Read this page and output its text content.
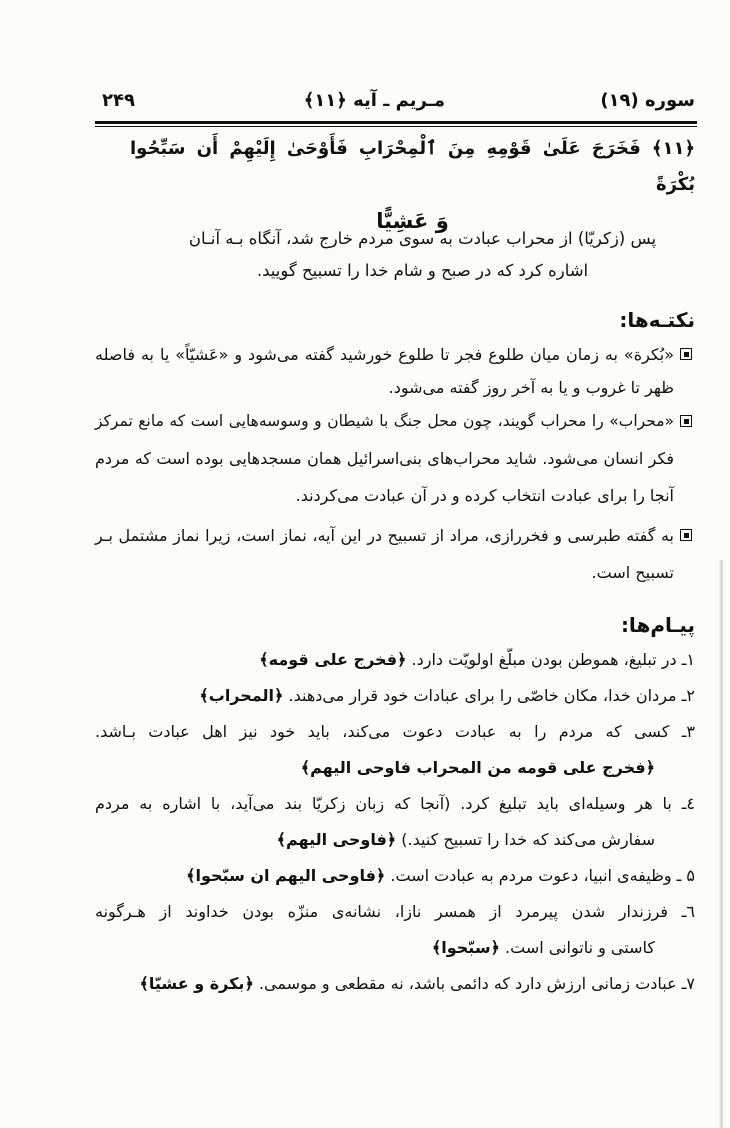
سوره (۱۹)
مـریم ـ آیه ﴿۱۱﴾
۲۴۹
﴿۱۱﴾ فَخَرَجَ عَلَىٰ قَوْمِهِ مِنَ ٱلْمِحْرَابِ فَأَوْحَىٰ إِلَيْهِمْ أَن سَبِّحُوا بُكْرَةً
وَ عَشِيًّا
پس (زکریّا) از محراب عبادت به سوی مردم خارج شد، آنگاه بـه آنـان
اشاره کرد که در صبح و شام خدا را تسبیح گویید.
نکتـه‌ها:
«بُکرة» به زمان میان طلوع فجر تا طلوع خورشید گفته می‌شود و «عَشیّاً» یا به فاصله
ظهر تا غروب و یا به آخر روز گفته می‌شود.
«محراب» را محراب گویند، چون محل جنگ با شیطان و وسوسه‌هایی است که مانع تمرکز
فکر انسان می‌شود. شاید محراب‌های بنی‌اسرائیل همان مسجدهایی بوده است که مردم
آنجا را برای عبادت انتخاب کرده و در آن عبادت می‌کردند.
به گفته طبرسی و فخررازی، مراد از تسبیح در این آیه، نماز است، زیرا نماز مشتمل بـر
تسبیح است.
پیـام‌ها:
۱ـ در تبلیغ، هموطن بودن مبلّغ اولویّت دارد. ﴿فخرج علی قومه﴾
۲ـ مردان خدا، مکان خاصّی را برای عبادات خود قرار می‌دهند. ﴿المحراب﴾
۳ـ کسی که مردم را به عبادت دعوت می‌کند، باید خود نیز اهل عبادت بـاشد.
﴿فخرج علی قومه من المحراب فاوحی الیهم﴾
٤ـ با هر وسیله‌ای باید تبلیغ کرد. (آنجا که زبان زکریّا بند می‌آید، با اشاره به مردم
سفارش می‌کند که خدا را تسبیح کنید.) ﴿فاوحی الیهم﴾
۵ ـ وظیفه‌ی انبیا، دعوت مردم به عبادت است. ﴿فاوحی الیهم ان سبّحوا﴾
٦ـ فرزندار شدن پیرمرد از همسر نازا، نشانه‌ی منزّه بودن خداوند از هـرگونه
کاستی و ناتوانی است. ﴿سبّحوا﴾
۷ـ عبادت زمانی ارزش دارد که دائمی باشد، نه مقطعی و موسمی. ﴿بکرة و عشیّا﴾
